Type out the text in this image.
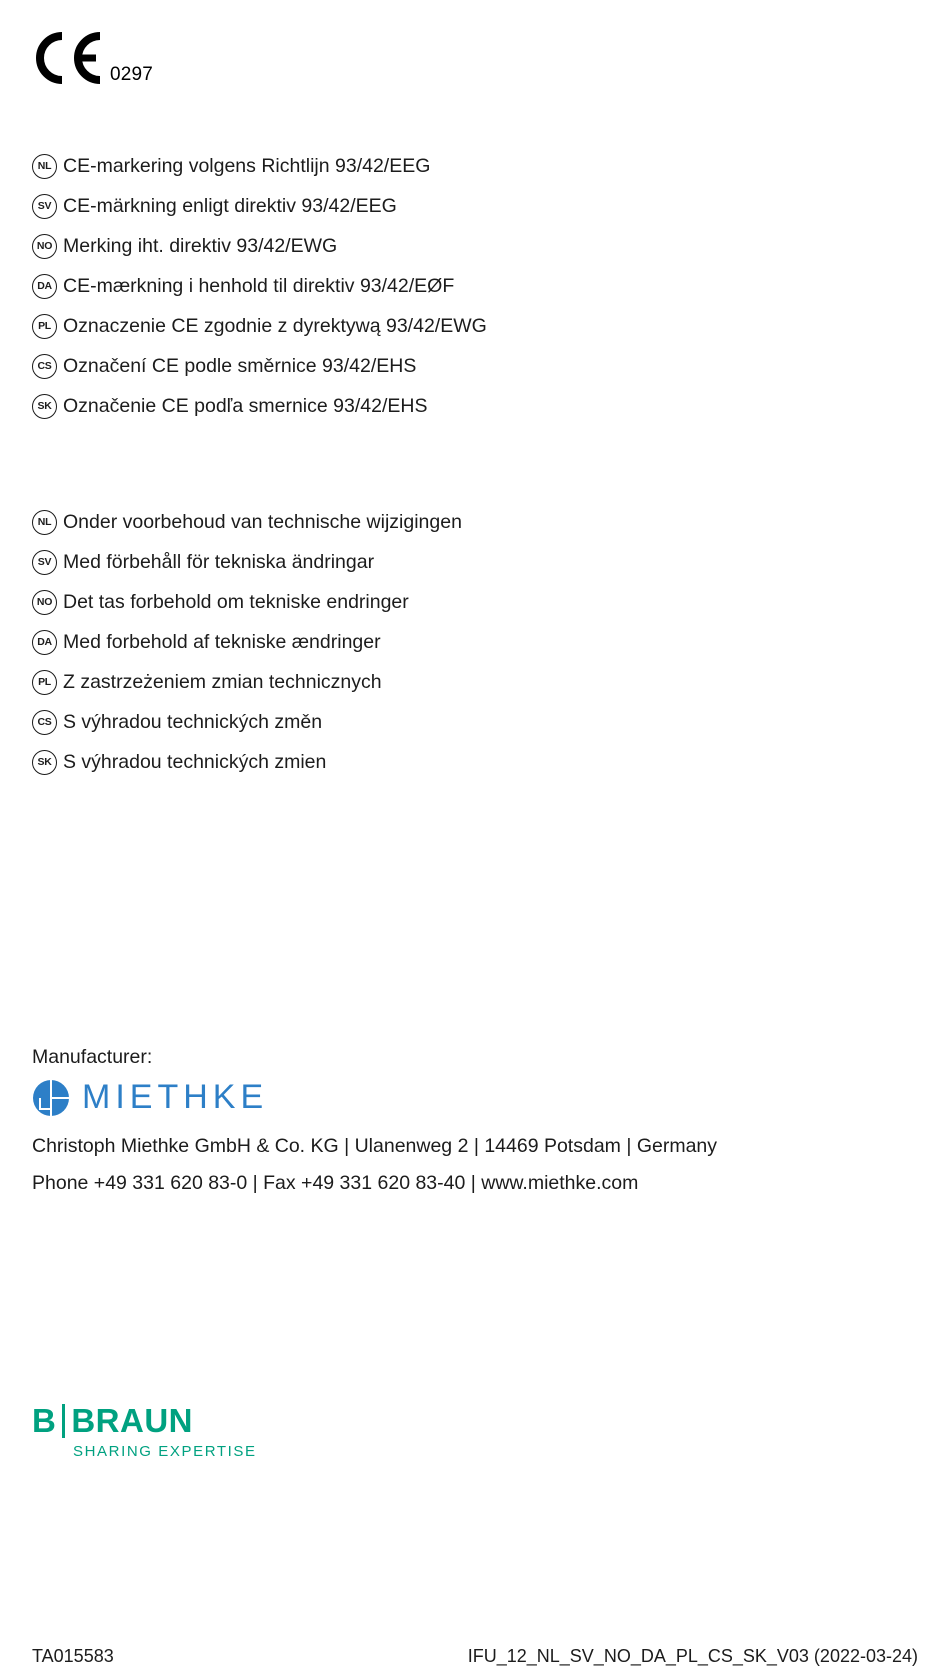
0297
NL CE-markering volgens Richtlijn 93/42/EEG
SV CE-märkning enligt direktiv 93/42/EEG
NO Merking iht. direktiv 93/42/EWG
DA CE-mærkning i henhold til direktiv 93/42/EØF
PL Oznaczenie CE zgodnie z dyrektywą 93/42/EWG
CS Označení CE podle směrnice 93/42/EHS
SK Označenie CE podľa smernice 93/42/EHS
NL Onder voorbehoud van technische wijzigingen
SV Med förbehåll för tekniska ändringar
NO Det tas forbehold om tekniske endringer
DA Med forbehold af tekniske ændringer
PL Z zastrzeżeniem zmian technicznych
CS S výhradou technických změn
SK S výhradou technických zmien
Manufacturer:
MIETHKE
Christoph Miethke GmbH & Co. KG | Ulanenweg 2 | 14469 Potsdam | Germany
Phone +49 331 620 83-0 | Fax +49 331 620 83-40 | www.miethke.com
B BRAUN
SHARING EXPERTISE
TA015583	IFU_12_NL_SV_NO_DA_PL_CS_SK_V03 (2022-03-24)
